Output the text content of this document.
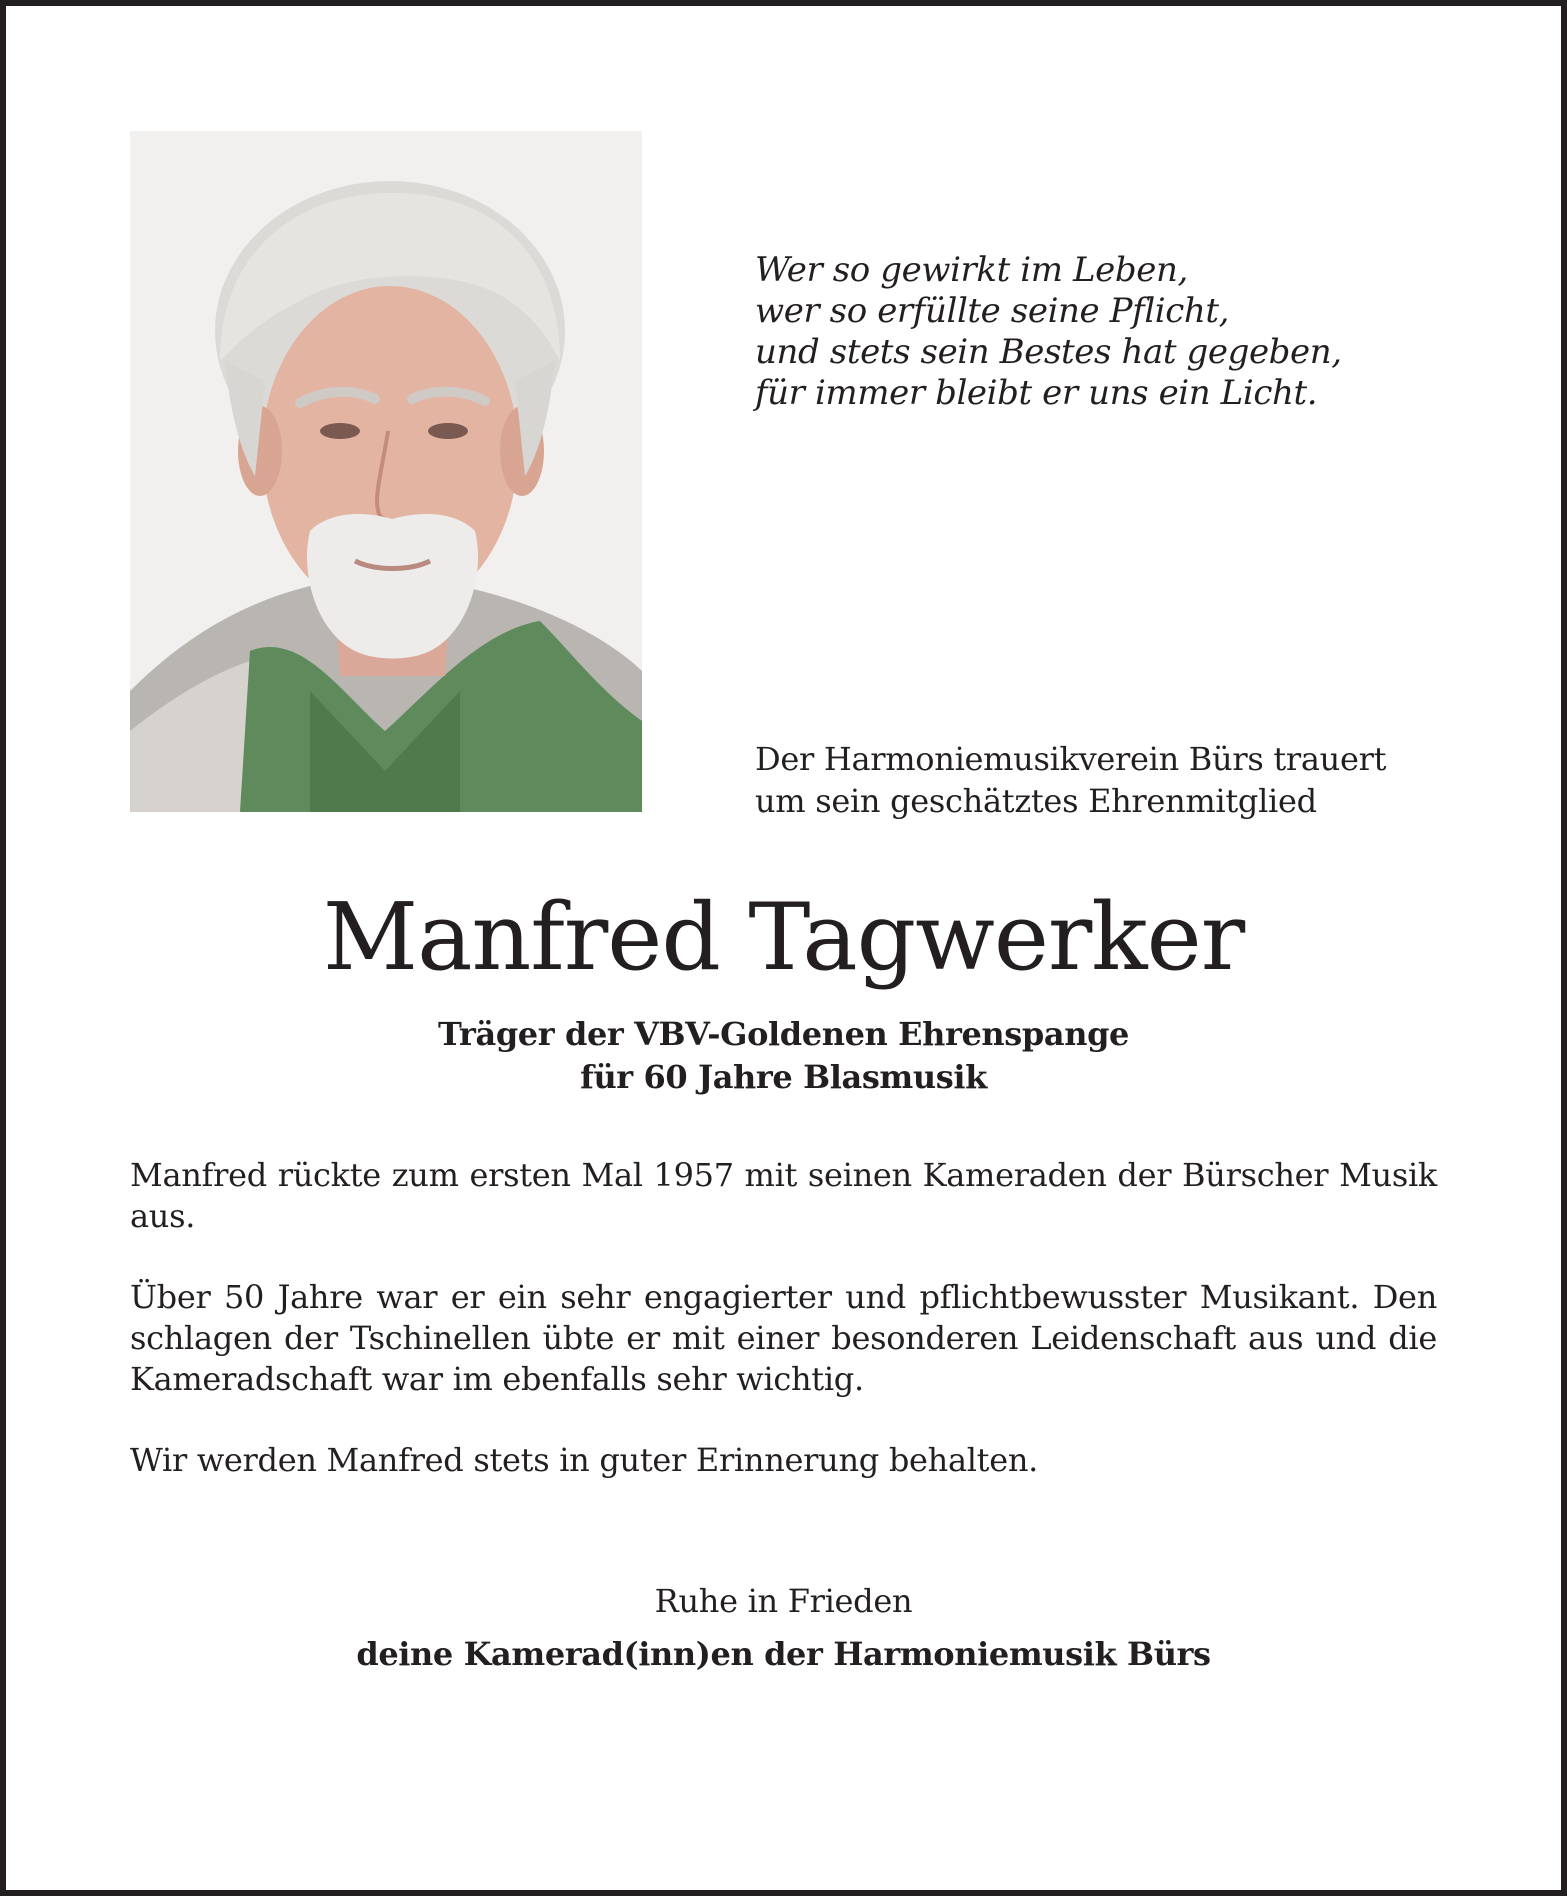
Wer so gewirkt im Leben,
wer so erfüllte seine Pflicht,
und stets sein Bestes hat gegeben,
für immer bleibt er uns ein Licht.
Der Harmoniemusikverein Bürs trauert
um sein geschätztes Ehrenmitglied
Manfred Tagwerker
Träger der VBV-Goldenen Ehrenspange
für 60 Jahre Blasmusik

Manfred rückte zum ersten Mal 1957 mit seinen Kameraden der Bürscher Musik aus.

Über 50 Jahre war er ein sehr engagierter und pflichtbewusster Musikant. Den schlagen der Tschinellen übte er mit einer besonderen Leidenschaft aus und die Kameradschaft war im ebenfalls sehr wichtig.

Wir werden Manfred stets in guter Erinnerung behalten.

Ruhe in Frieden
deine Kamerad(inn)en der Harmoniemusik Bürs
